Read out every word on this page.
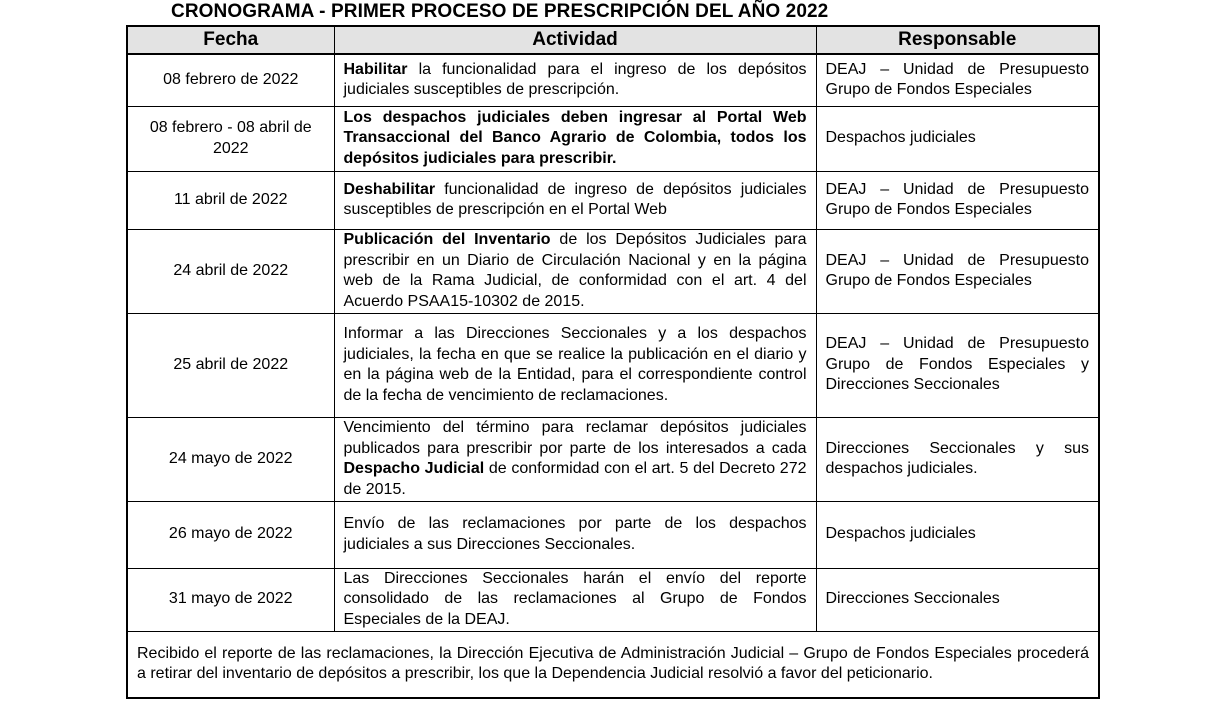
CRONOGRAMA - PRIMER PROCESO DE PRESCRIPCIÓN DEL AÑO 2022
Fecha	Actividad	Responsable
08 febrero de 2022	Habilitar la funcionalidad para el ingreso de los depósitos judiciales susceptibles de prescripción.	DEAJ – Unidad de Presupuesto Grupo de Fondos Especiales
08 febrero - 08 abril de 2022	Los despachos judiciales deben ingresar al Portal Web Transaccional del Banco Agrario de Colombia, todos los depósitos judiciales para prescribir.	Despachos judiciales
11 abril de 2022	Deshabilitar funcionalidad de ingreso de depósitos judiciales susceptibles de prescripción en el Portal Web	DEAJ – Unidad de Presupuesto Grupo de Fondos Especiales
24 abril de 2022	Publicación del Inventario de los Depósitos Judiciales para prescribir en un Diario de Circulación Nacional y en la página web de la Rama Judicial, de conformidad con el art. 4 del Acuerdo PSAA15-10302 de 2015.	DEAJ – Unidad de Presupuesto Grupo de Fondos Especiales
25 abril de 2022	Informar a las Direcciones Seccionales y a los despachos judiciales, la fecha en que se realice la publicación en el diario y en la página web de la Entidad, para el correspondiente control de la fecha de vencimiento de reclamaciones.	DEAJ – Unidad de Presupuesto Grupo de Fondos Especiales y Direcciones Seccionales
24 mayo de 2022	Vencimiento del término para reclamar depósitos judiciales publicados para prescribir por parte de los interesados a cada Despacho Judicial de conformidad con el art. 5 del Decreto 272 de 2015.	Direcciones Seccionales y sus despachos judiciales.
26 mayo de 2022	Envío de las reclamaciones por parte de los despachos judiciales a sus Direcciones Seccionales.	Despachos judiciales
31 mayo de 2022	Las Direcciones Seccionales harán el envío del reporte consolidado de las reclamaciones al Grupo de Fondos Especiales de la DEAJ.	Direcciones Seccionales
Recibido el reporte de las reclamaciones, la Dirección Ejecutiva de Administración Judicial – Grupo de Fondos Especiales procederá a retirar del inventario de depósitos a prescribir, los que la Dependencia Judicial resolvió a favor del peticionario.		
